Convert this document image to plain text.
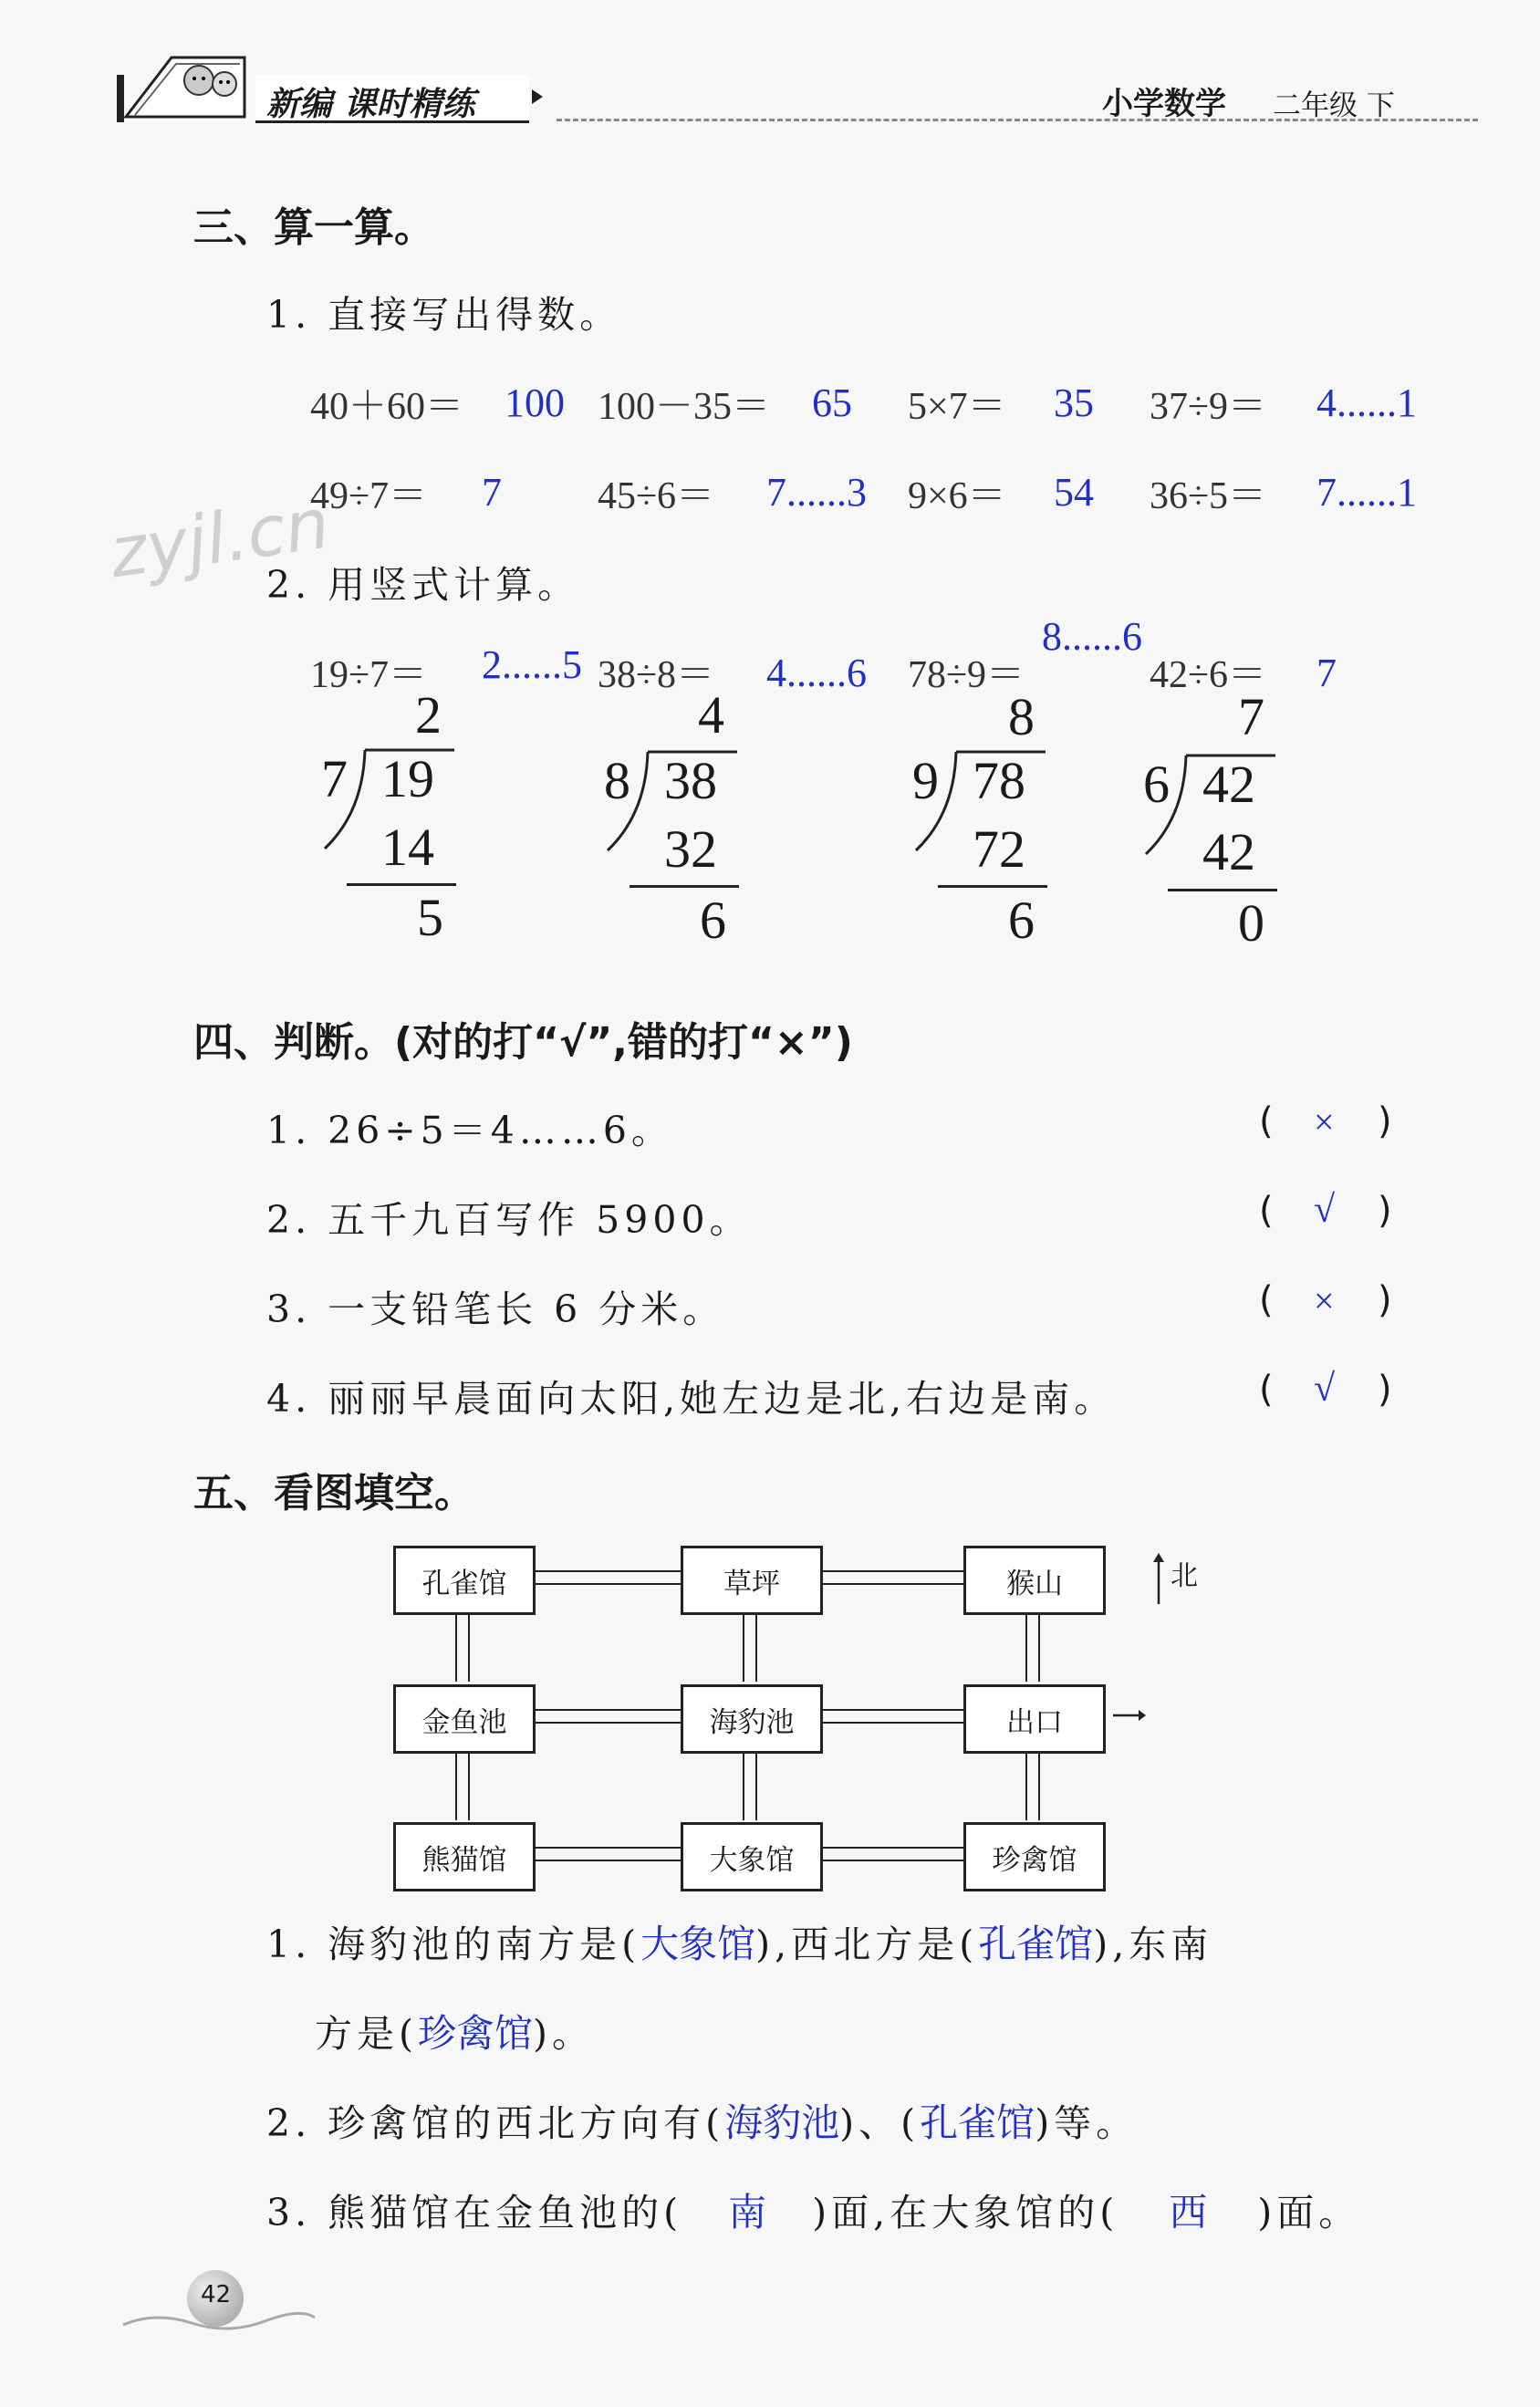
新编 课时精练	小学数学 二年级 下
zyjl.cn
三、算一算。
1. 直接写出得数。
40＋60＝ 100 100－35＝ 65 5×7＝ 35 37÷9＝ 4......1
49÷7＝ 7	45÷6＝ 7......3 9×6＝ 54 36÷5＝ 7......1
2. 用竖式计算。
19÷7＝ 2......5 38÷8＝ 4......6 78÷9＝
8......6
42÷6＝ 7
2
7 19
14
5
4
8 38
32
6
8
9 78
72
6
7
6 42
42
0
四、判断。(对的打“√”,错的打“×”)
1. 26÷5＝4……6。	( × )
2. 五千九百写作 5900。	( √ )
3. 一支铅笔长 6 分米。	( × )
4. 丽丽早晨面向太阳,她左边是北,右边是南。	( √ )
五、看图填空。
孔雀馆	草坪	猴山
金鱼池	海豹池	出口
熊猫馆	大象馆	珍禽馆
北
1. 海豹池的南方是(大象馆),西北方是(孔雀馆),东南
方是(珍禽馆)。
2. 珍禽馆的西北方向有(海豹池)、(孔雀馆)等。
3. 熊猫馆在金鱼池的( 南 )面,在大象馆的( 西 )面。
42
